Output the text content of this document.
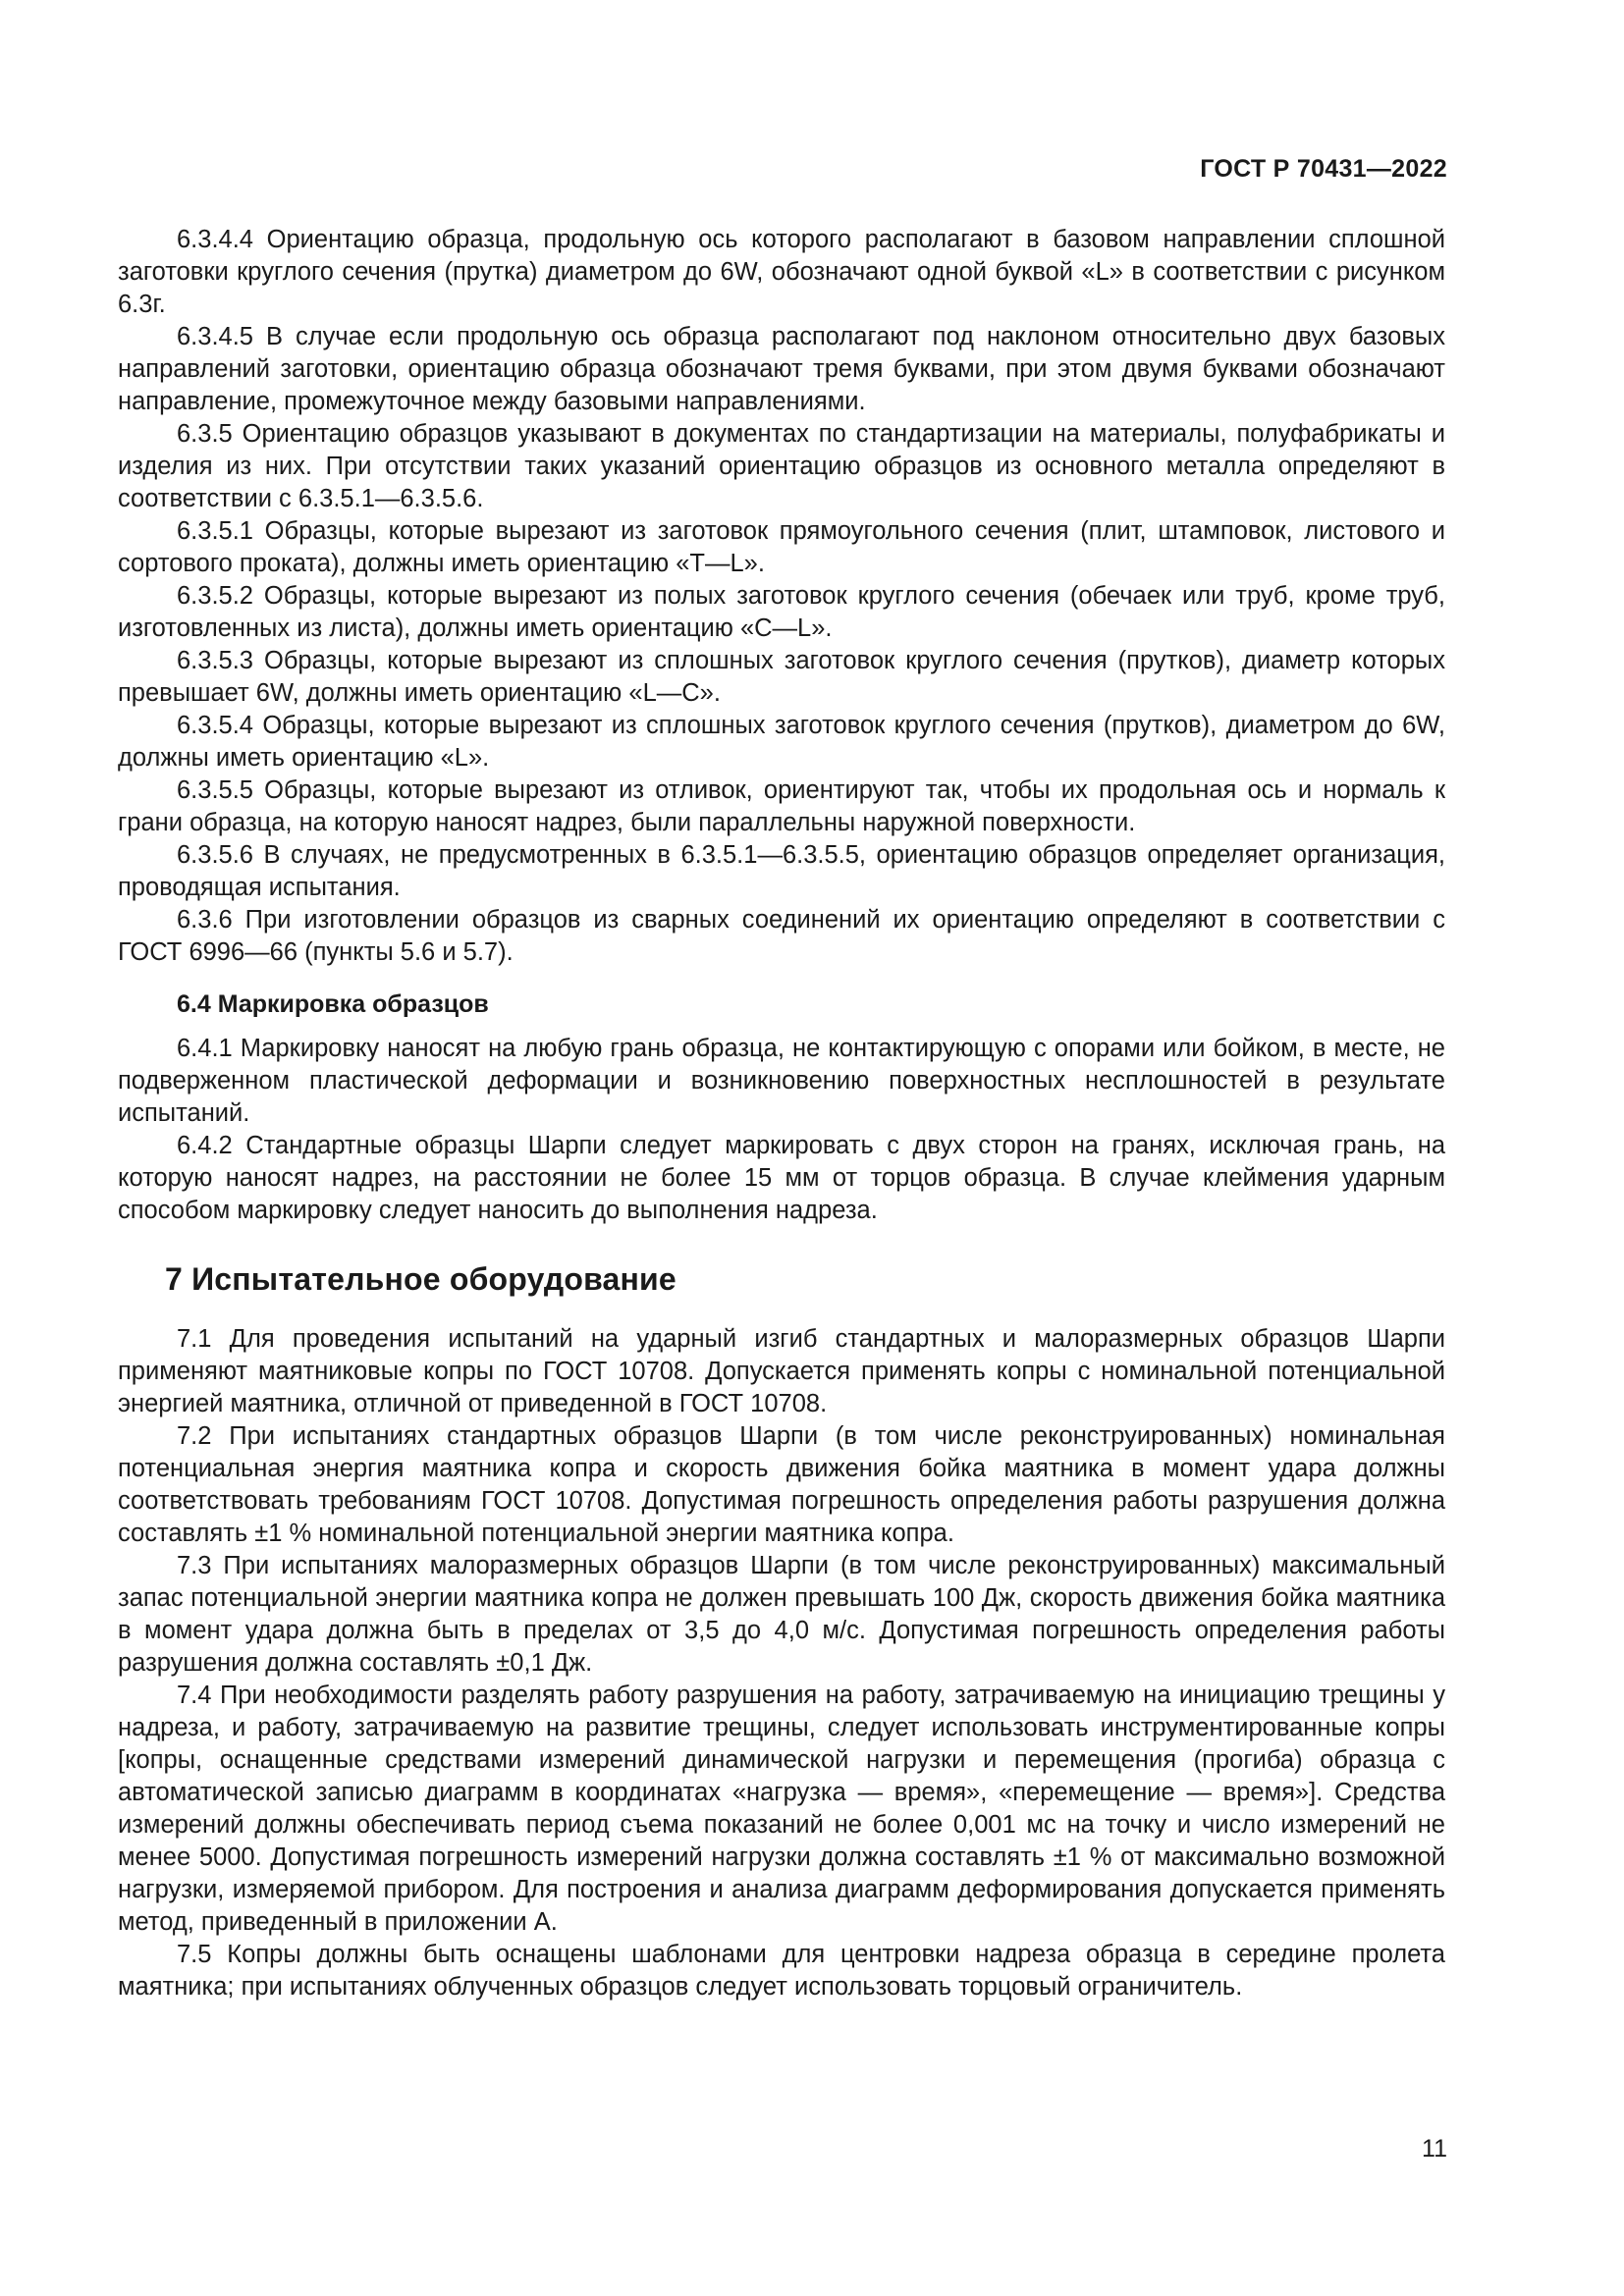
ГОСТ Р 70431—2022

6.3.4.4 Ориентацию образца, продольную ось которого располагают в базовом направлении сплошной заготовки круглого сечения (прутка) диаметром до 6W, обозначают одной буквой «L» в соответствии с рисунком 6.3г.

6.3.4.5 В случае если продольную ось образца располагают под наклоном относительно двух базовых направлений заготовки, ориентацию образца обозначают тремя буквами, при этом двумя буквами обозначают направление, промежуточное между базовыми направлениями.

6.3.5 Ориентацию образцов указывают в документах по стандартизации на материалы, полуфабрикаты и изделия из них. При отсутствии таких указаний ориентацию образцов из основного металла определяют в соответствии с 6.3.5.1—6.3.5.6.

6.3.5.1 Образцы, которые вырезают из заготовок прямоугольного сечения (плит, штамповок, листового и сортового проката), должны иметь ориентацию «T—L».

6.3.5.2 Образцы, которые вырезают из полых заготовок круглого сечения (обечаек или труб, кроме труб, изготовленных из листа), должны иметь ориентацию «C—L».

6.3.5.3 Образцы, которые вырезают из сплошных заготовок круглого сечения (прутков), диаметр которых превышает 6W, должны иметь ориентацию «L—C».

6.3.5.4 Образцы, которые вырезают из сплошных заготовок круглого сечения (прутков), диаметром до 6W, должны иметь ориентацию «L».

6.3.5.5 Образцы, которые вырезают из отливок, ориентируют так, чтобы их продольная ось и нормаль к грани образца, на которую наносят надрез, были параллельны наружной поверхности.

6.3.5.6 В случаях, не предусмотренных в 6.3.5.1—6.3.5.5, ориентацию образцов определяет организация, проводящая испытания.

6.3.6 При изготовлении образцов из сварных соединений их ориентацию определяют в соответствии с ГОСТ 6996—66 (пункты 5.6 и 5.7).

6.4 Маркировка образцов

6.4.1 Маркировку наносят на любую грань образца, не контактирующую с опорами или бойком, в месте, не подверженном пластической деформации и возникновению поверхностных несплошностей в результате испытаний.

6.4.2 Стандартные образцы Шарпи следует маркировать с двух сторон на гранях, исключая грань, на которую наносят надрез, на расстоянии не более 15 мм от торцов образца. В случае клеймения ударным способом маркировку следует наносить до выполнения надреза.

7 Испытательное оборудование

7.1 Для проведения испытаний на ударный изгиб стандартных и малоразмерных образцов Шарпи применяют маятниковые копры по ГОСТ 10708. Допускается применять копры с номинальной потенциальной энергией маятника, отличной от приведенной в ГОСТ 10708.

7.2 При испытаниях стандартных образцов Шарпи (в том числе реконструированных) номинальная потенциальная энергия маятника копра и скорость движения бойка маятника в момент удара должны соответствовать требованиям ГОСТ 10708. Допустимая погрешность определения работы разрушения должна составлять ±1 % номинальной потенциальной энергии маятника копра.

7.3 При испытаниях малоразмерных образцов Шарпи (в том числе реконструированных) максимальный запас потенциальной энергии маятника копра не должен превышать 100 Дж, скорость движения бойка маятника в момент удара должна быть в пределах от 3,5 до 4,0 м/с. Допустимая погрешность определения работы разрушения должна составлять ±0,1 Дж.

7.4 При необходимости разделять работу разрушения на работу, затрачиваемую на инициацию трещины у надреза, и работу, затрачиваемую на развитие трещины, следует использовать инструментированные копры [копры, оснащенные средствами измерений динамической нагрузки и перемещения (прогиба) образца с автоматической записью диаграмм в координатах «нагрузка — время», «перемещение — время»]. Средства измерений должны обеспечивать период съема показаний не более 0,001 мс на точку и число измерений не менее 5000. Допустимая погрешность измерений нагрузки должна составлять ±1 % от максимально возможной нагрузки, измеряемой прибором. Для построения и анализа диаграмм деформирования допускается применять метод, приведенный в приложении А.

7.5 Копры должны быть оснащены шаблонами для центровки надреза образца в середине пролета маятника; при испытаниях облученных образцов следует использовать торцовый ограничитель.

11
